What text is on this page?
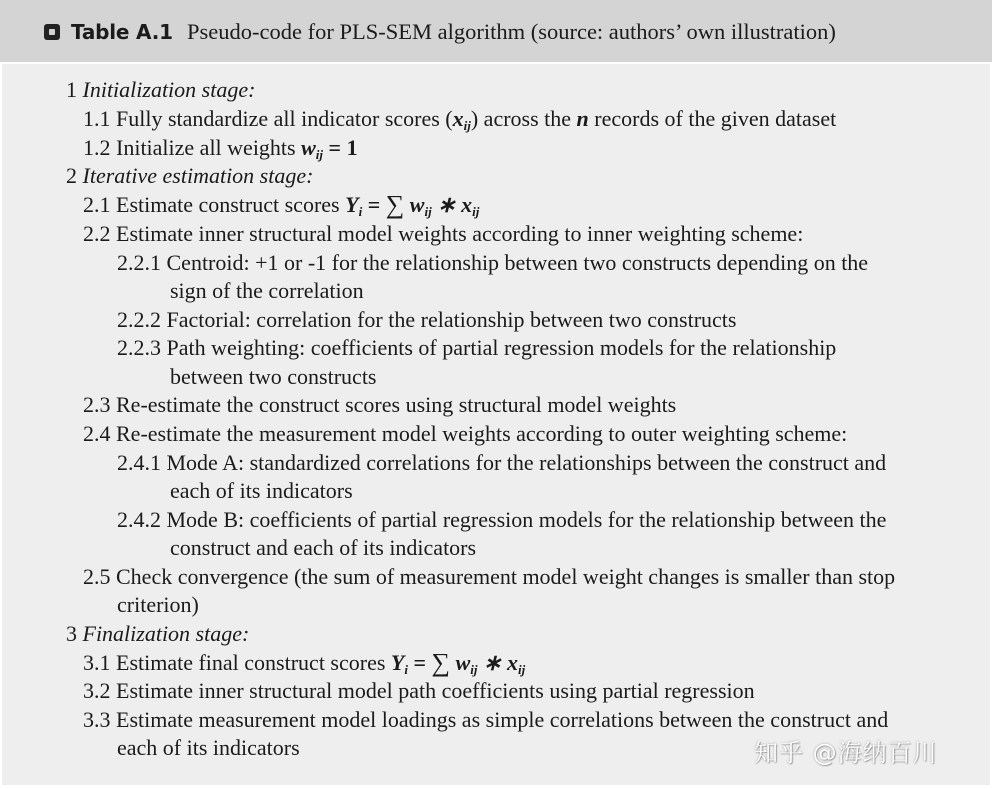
Table A.1 Pseudo-code for PLS-SEM algorithm (source: authors’ own illustration)
1 Initialization stage:
1.1 Fully standardize all indicator scores $(x_{ij})$ across the n records of the given dataset
1.2 Initialize all weights $w_{ij} = 1$
2 Iterative estimation stage:
2.1 Estimate construct scores $Y_i$ = ∑ $w_{ij}$ ∗ $x_{ij}$
2.2 Estimate inner structural model weights according to inner weighting scheme:
2.2.1 Centroid: +1 or -1 for the relationship between two constructs depending on the
sign of the correlation
2.2.2 Factorial: correlation for the relationship between two constructs
2.2.3 Path weighting: coefficients of partial regression models for the relationship
between two constructs
2.3 Re-estimate the construct scores using structural model weights
2.4 Re-estimate the measurement model weights according to outer weighting scheme:
2.4.1 Mode A: standardized correlations for the relationships between the construct and
each of its indicators
2.4.2 Mode B: coefficients of partial regression models for the relationship between the
construct and each of its indicators
2.5 Check convergence (the sum of measurement model weight changes is smaller than stop
criterion)
3 Finalization stage:
3.1 Estimate final construct scores $Y_i$ = ∑ $w_{ij}$ ∗ $x_{ij}$
3.2 Estimate inner structural model path coefficients using partial regression
3.3 Estimate measurement model loadings as simple correlations between the construct and
each of its indicators	知乎 @海纳百川
